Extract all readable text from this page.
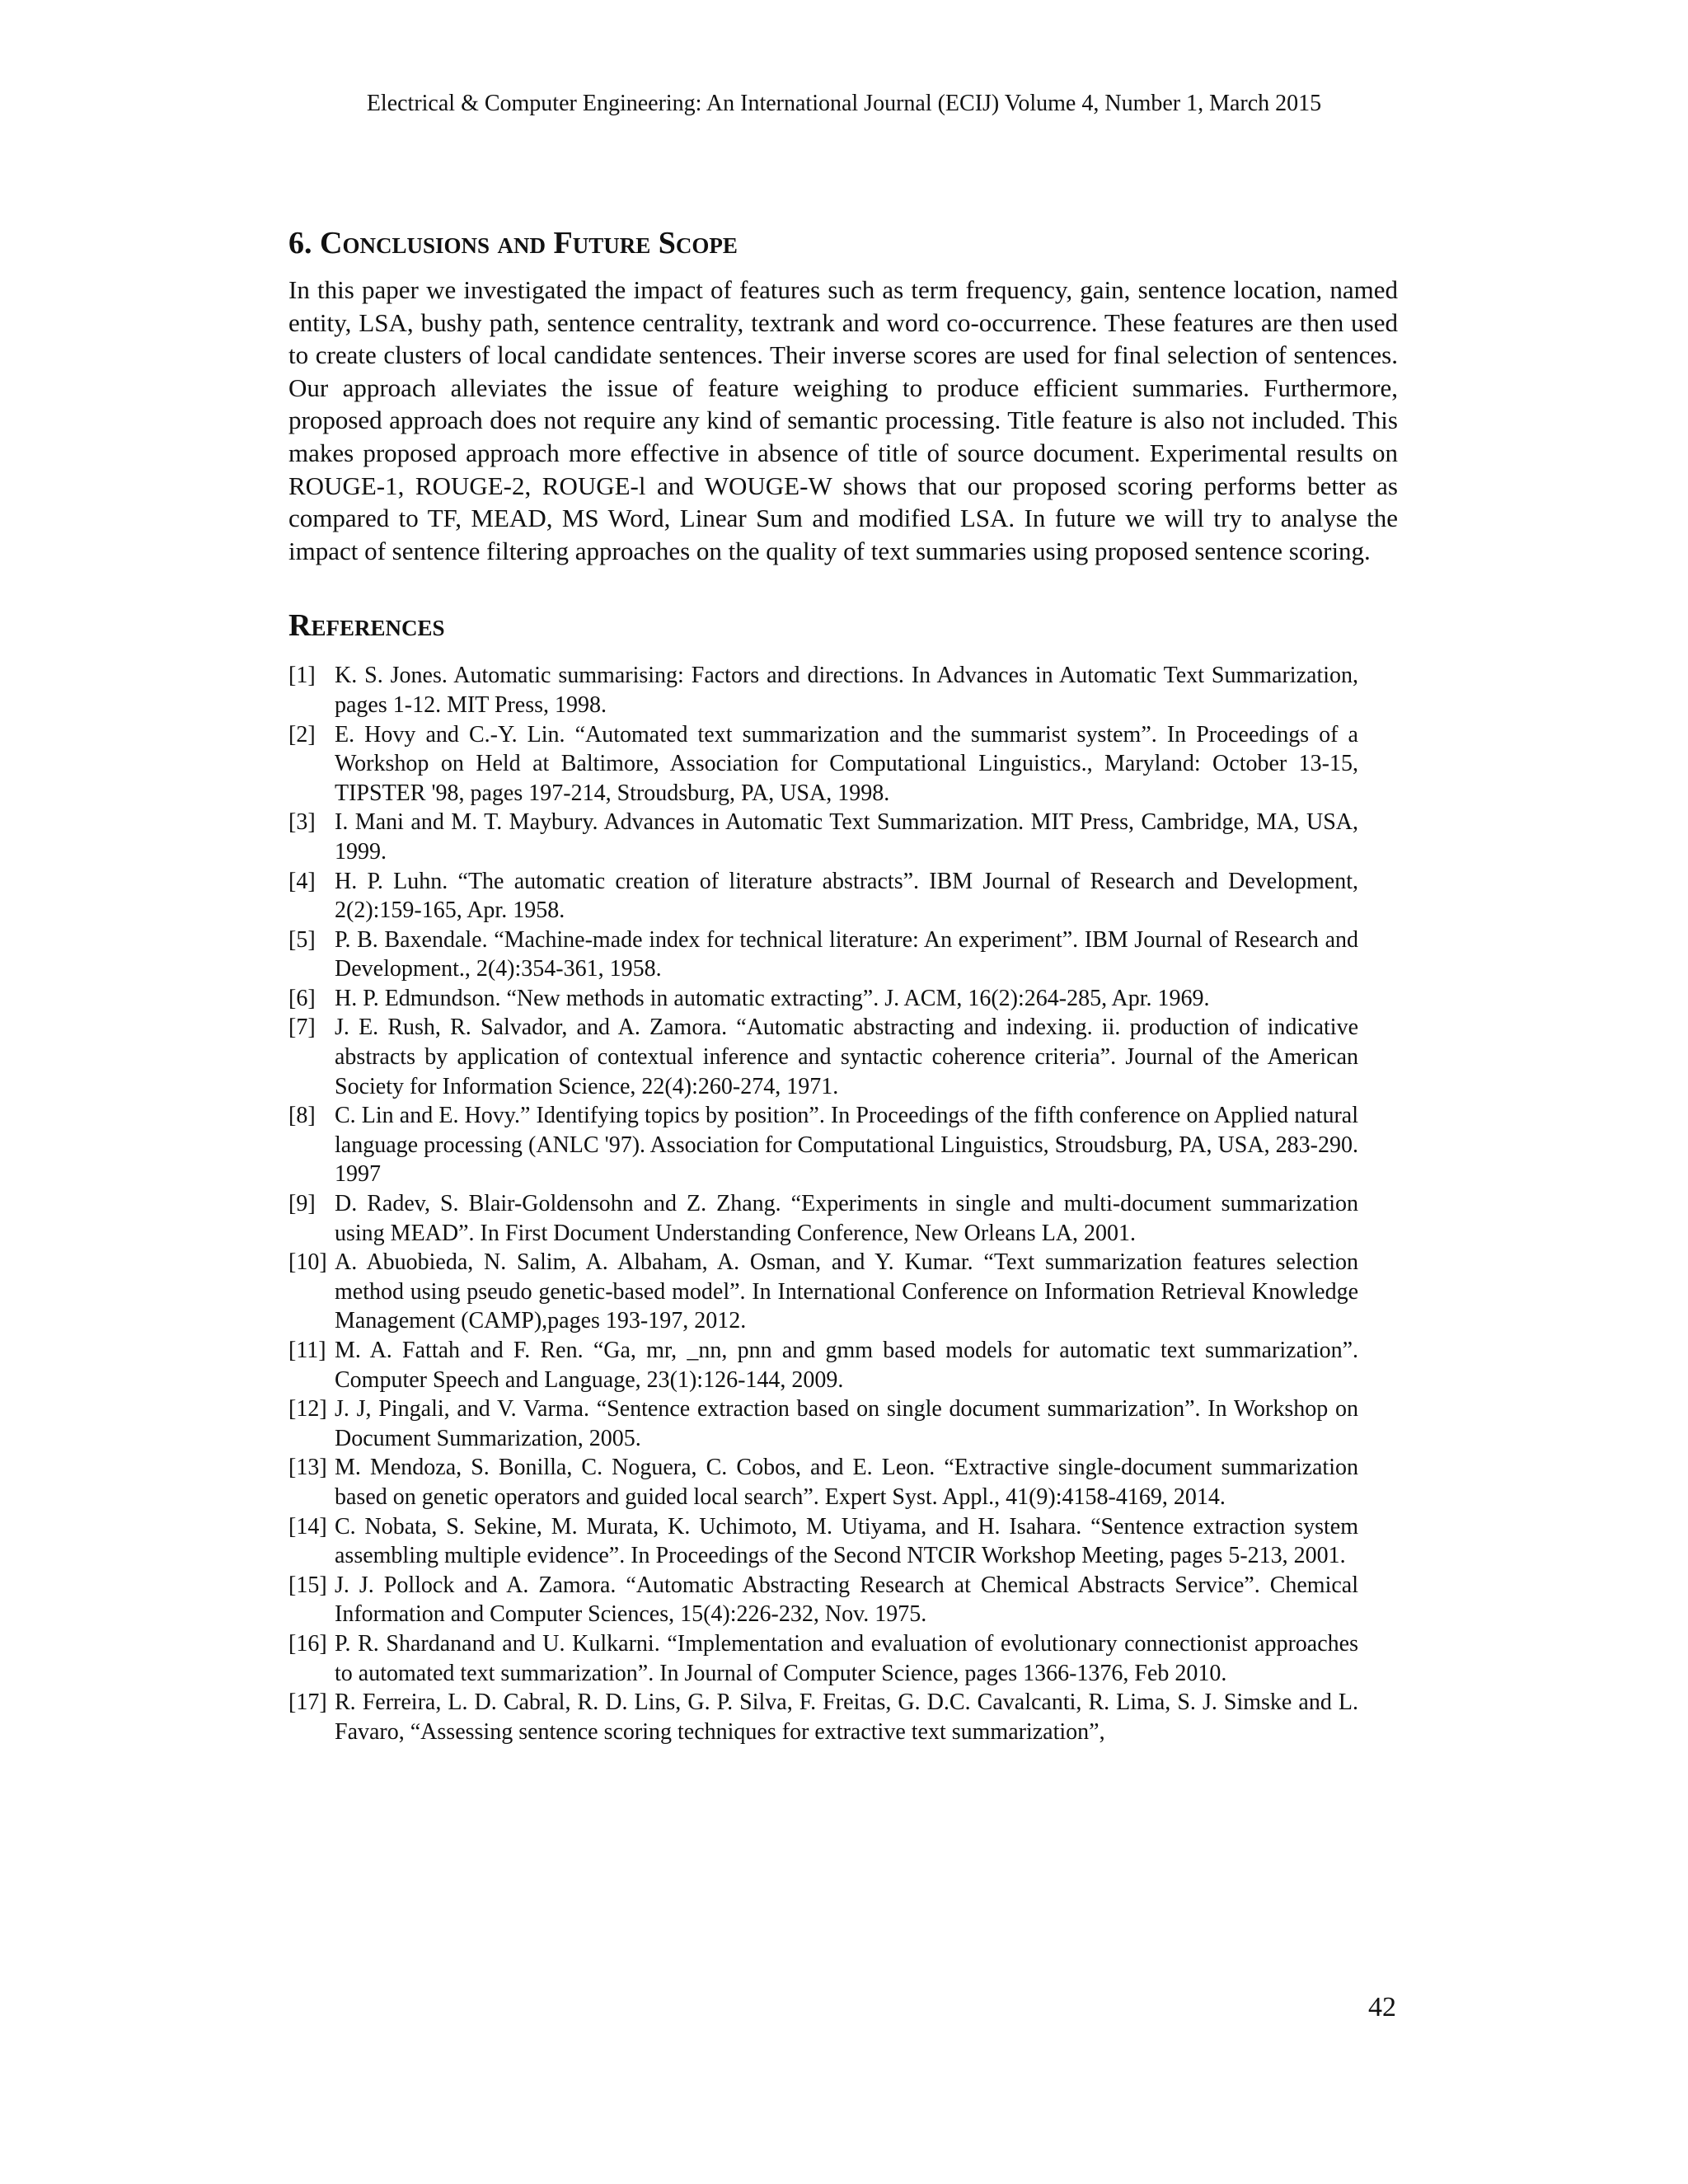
Electrical & Computer Engineering: An International Journal (ECIJ) Volume 4, Number 1, March 2015
6. Conclusions and Future Scope

In this paper we investigated the impact of features such as term frequency, gain, sentence location, named entity, LSA, bushy path, sentence centrality, textrank and word co-occurrence. These features are then used to create clusters of local candidate sentences. Their inverse scores are used for final selection of sentences. Our approach alleviates the issue of feature weighing to produce efficient summaries. Furthermore, proposed approach does not require any kind of semantic processing. Title feature is also not included. This makes proposed approach more effective in absence of title of source document. Experimental results on ROUGE-1, ROUGE-2, ROUGE-l and WOUGE-W shows that our proposed scoring performs better as compared to TF, MEAD, MS Word, Linear Sum and modified LSA. In future we will try to analyse the impact of sentence filtering approaches on the quality of text summaries using proposed sentence scoring.

References
[1] K. S. Jones. Automatic summarising: Factors and directions. In Advances in Automatic Text Summarization, pages 1-12. MIT Press, 1998.
[2] E. Hovy and C.-Y. Lin. “Automated text summarization and the summarist system”. In Proceedings of a Workshop on Held at Baltimore, Association for Computational Linguistics., Maryland: October 13-15, TIPSTER '98, pages 197-214, Stroudsburg, PA, USA, 1998.
[3] I. Mani and M. T. Maybury. Advances in Automatic Text Summarization. MIT Press, Cambridge, MA, USA, 1999.
[4] H. P. Luhn. “The automatic creation of literature abstracts”. IBM Journal of Research and Development, 2(2):159-165, Apr. 1958.
[5] P. B. Baxendale. “Machine-made index for technical literature: An experiment”. IBM Journal of Research and Development., 2(4):354-361, 1958.
[6] H. P. Edmundson. “New methods in automatic extracting”. J. ACM, 16(2):264-285, Apr. 1969.
[7] J. E. Rush, R. Salvador, and A. Zamora. “Automatic abstracting and indexing. ii. production of indicative abstracts by application of contextual inference and syntactic coherence criteria”. Journal of the American Society for Information Science, 22(4):260-274, 1971.
[8] C. Lin and E. Hovy.” Identifying topics by position”. In Proceedings of the fifth conference on Applied natural language processing (ANLC '97). Association for Computational Linguistics, Stroudsburg, PA, USA, 283-290. 1997
[9] D. Radev, S. Blair-Goldensohn and Z. Zhang. “Experiments in single and multi-document summarization using MEAD”. In First Document Understanding Conference, New Orleans LA, 2001.
[10] A. Abuobieda, N. Salim, A. Albaham, A. Osman, and Y. Kumar. “Text summarization features selection method using pseudo genetic-based model”. In International Conference on Information Retrieval Knowledge Management (CAMP),pages 193-197, 2012.
[11] M. A. Fattah and F. Ren. “Ga, mr, _nn, pnn and gmm based models for automatic text summarization”. Computer Speech and Language, 23(1):126-144, 2009.
[12] J. J, Pingali, and V. Varma. “Sentence extraction based on single document summarization”. In Workshop on Document Summarization, 2005.
[13] M. Mendoza, S. Bonilla, C. Noguera, C. Cobos, and E. Leon. “Extractive single-document summarization based on genetic operators and guided local search”. Expert Syst. Appl., 41(9):4158-4169, 2014.
[14] C. Nobata, S. Sekine, M. Murata, K. Uchimoto, M. Utiyama, and H. Isahara. “Sentence extraction system assembling multiple evidence”. In Proceedings of the Second NTCIR Workshop Meeting, pages 5-213, 2001.
[15] J. J. Pollock and A. Zamora. “Automatic Abstracting Research at Chemical Abstracts Service”. Chemical Information and Computer Sciences, 15(4):226-232, Nov. 1975.
[16] P. R. Shardanand and U. Kulkarni. “Implementation and evaluation of evolutionary connectionist approaches to automated text summarization”. In Journal of Computer Science, pages 1366-1376, Feb 2010.
[17] R. Ferreira, L. D. Cabral, R. D. Lins, G. P. Silva, F. Freitas, G. D.C. Cavalcanti, R. Lima, S. J. Simske and L. Favaro, “Assessing sentence scoring techniques for extractive text summarization”,
42
